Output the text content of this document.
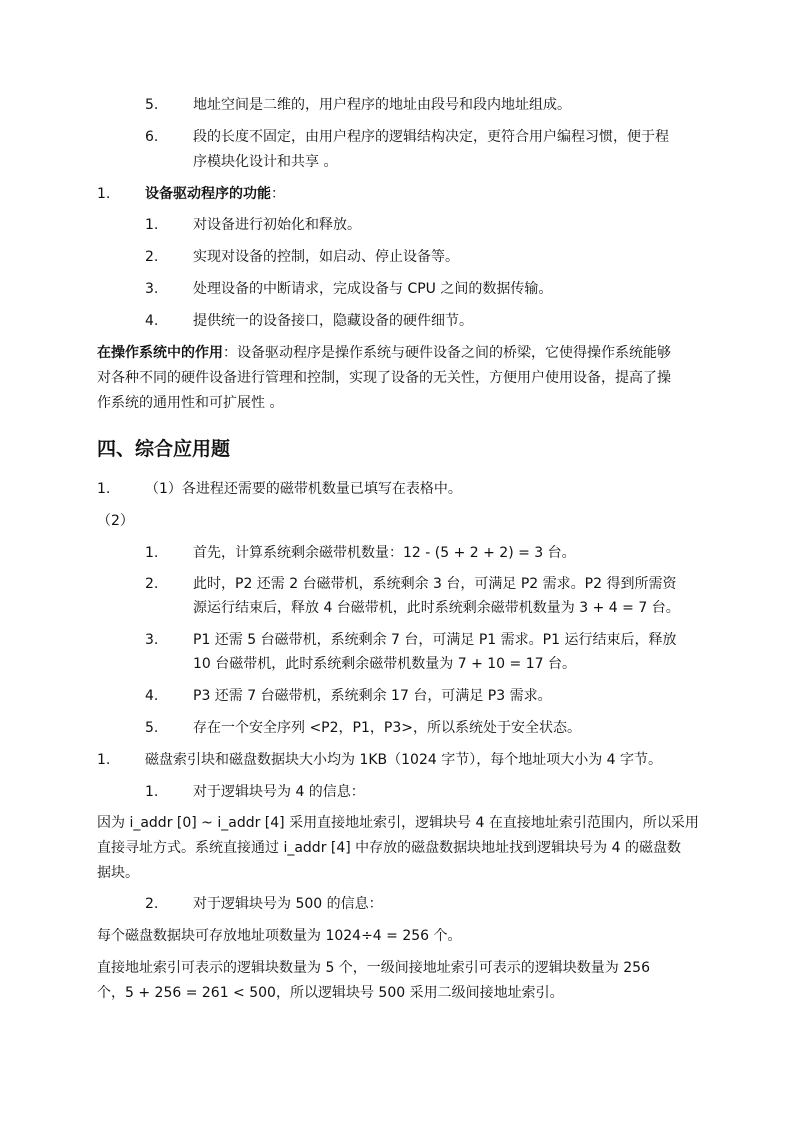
5. 地址空间是二维的，用户程序的地址由段号和段内地址组成。
6. 段的长度不固定，由用户程序的逻辑结构决定，更符合用户编程习惯，便于程
序模块化设计和共享 。
1. 设备驱动程序的功能：
1. 对设备进行初始化和释放。
2. 实现对设备的控制，如启动、停止设备等。
3. 处理设备的中断请求，完成设备与 CPU 之间的数据传输。
4. 提供统一的设备接口，隐藏设备的硬件细节。
在操作系统中的作用：设备驱动程序是操作系统与硬件设备之间的桥梁，它使得操作系统能够
对各种不同的硬件设备进行管理和控制，实现了设备的无关性，方便用户使用设备，提高了操
作系统的通用性和可扩展性 。
四、综合应用题
1. （1）各进程还需要的磁带机数量已填写在表格中。
（2）
1. 首先，计算系统剩余磁带机数量：12 - (5 + 2 + 2) = 3 台。
2. 此时，P2 还需 2 台磁带机，系统剩余 3 台，可满足 P2 需求。P2 得到所需资
源运行结束后，释放 4 台磁带机，此时系统剩余磁带机数量为 3 + 4 = 7 台。
3. P1 还需 5 台磁带机，系统剩余 7 台，可满足 P1 需求。P1 运行结束后，释放
10 台磁带机，此时系统剩余磁带机数量为 7 + 10 = 17 台。
4. P3 还需 7 台磁带机，系统剩余 17 台，可满足 P3 需求。
5. 存在一个安全序列 <P2，P1，P3>，所以系统处于安全状态。
1. 磁盘索引块和磁盘数据块大小均为 1KB（1024 字节），每个地址项大小为 4 字节。
1. 对于逻辑块号为 4 的信息：
因为 i_addr [0] ~ i_addr [4] 采用直接地址索引，逻辑块号 4 在直接地址索引范围内，所以采用
直接寻址方式。系统直接通过 i_addr [4] 中存放的磁盘数据块地址找到逻辑块号为 4 的磁盘数
据块。
2. 对于逻辑块号为 500 的信息：
每个磁盘数据块可存放地址项数量为 1024÷4 = 256 个。
直接地址索引可表示的逻辑块数量为 5 个，一级间接地址索引可表示的逻辑块数量为 256
个，5 + 256 = 261 < 500，所以逻辑块号 500 采用二级间接地址索引。
